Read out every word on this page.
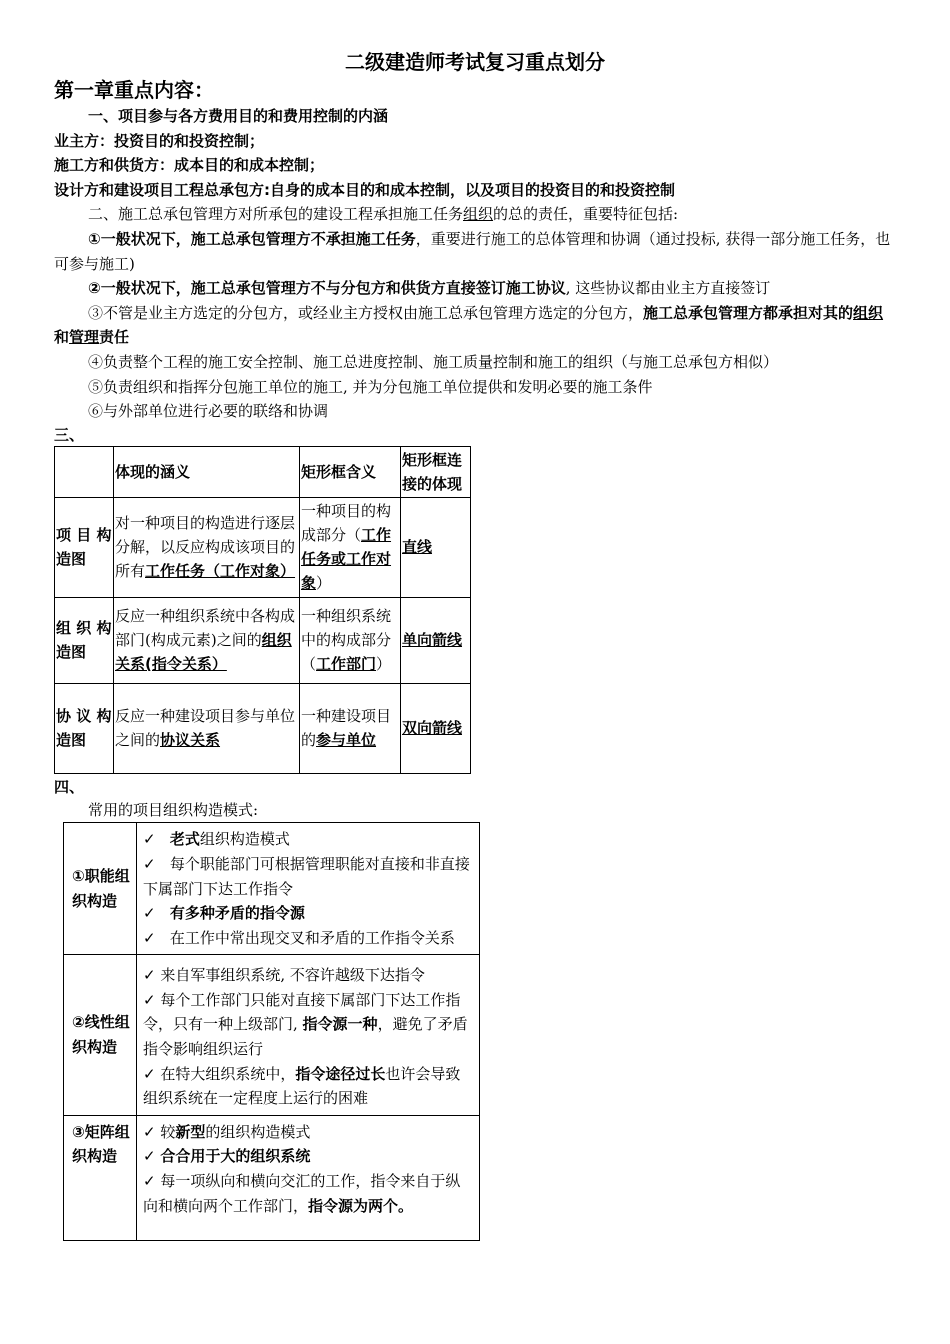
二级建造师考试复习重点划分
第一章重点内容：
一、项目参与各方费用目的和费用控制的内涵
业主方：投资目的和投资控制；
施工方和供货方：成本目的和成本控制；
设计方和建设项目工程总承包方:自身的成本目的和成本控制，以及项目的投资目的和投资控制
二、施工总承包管理方对所承包的建设工程承担施工任务组织的总的责任，重要特征包括:
①一般状况下，施工总承包管理方不承担施工任务，重要进行施工的总体管理和协调（通过投标, 获得一部分施工任务，也可参与施工)
②一般状况下，施工总承包管理方不与分包方和供货方直接签订施工协议, 这些协议都由业主方直接签订
③不管是业主方选定的分包方，或经业主方授权由施工总承包管理方选定的分包方，施工总承包管理方都承担对其的组织和管理责任
④负责整个工程的施工安全控制、施工总进度控制、施工质量控制和施工的组织（与施工总承包方相似）
⑤负责组织和指挥分包施工单位的施工, 并为分包施工单位提供和发明必要的施工条件
⑥与外部单位进行必要的联络和协调
三、
	体现的涵义	矩形框含义	矩形框连接的体现
项 目 构造图	对一种项目的构造进行逐层分解，以反应构成该项目的所有工作任务（工作对象）	一种项目的构成部分（工作任务或工作对象）	直线
组 织 构造图	反应一种组织系统中各构成部门(构成元素)之间的组织关系(指令关系）	一种组织系统中的构成部分（工作部门）	单向箭线
协 议 构造图	反应一种建设项目参与单位之间的协议关系	一种建设项目的参与单位	双向箭线
四、
常用的项目组织构造模式:
①职能组织构造	✓ 老式组织构造模式
✓ 每个职能部门可根据管理职能对直接和非直接下属部门下达工作指令
✓ 有多种矛盾的指令源
✓ 在工作中常出现交叉和矛盾的工作指令关系

②线性组织构造	✓ 来自军事组织系统, 不容许越级下达指令
✓ 每个工作部门只能对直接下属部门下达工作指令，只有一种上级部门, 指令源一种，避免了矛盾指令影响组织运行
✓ 在特大组织系统中，指令途径过长也许会导致组织系统在一定程度上运行的困难

③矩阵组织构造	✓ 较新型的组织构造模式
✓ 合合用于大的组织系统
✓ 每一项纵向和横向交汇的工作，指令来自于纵向和横向两个工作部门，指令源为两个。
